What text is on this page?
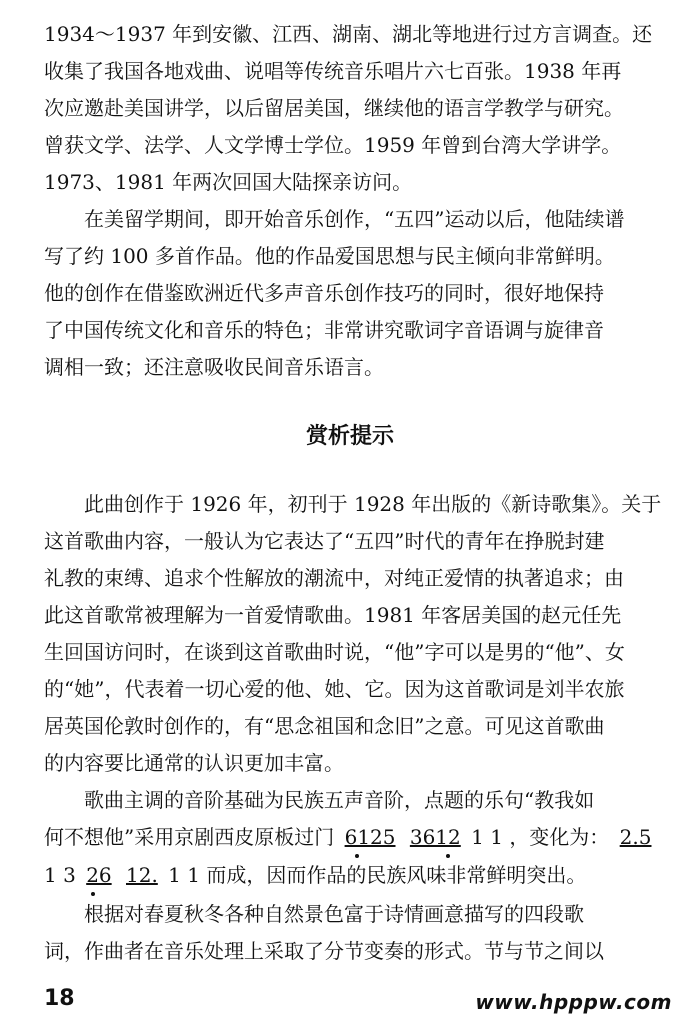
1934～1937 年到安徽、江西、湖南、湖北等地进行过方言调查。还
收集了我国各地戏曲、说唱等传统音乐唱片六七百张。1938 年再
次应邀赴美国讲学，以后留居美国，继续他的语言学教学与研究。
曾获文学、法学、人文学博士学位。1959 年曾到台湾大学讲学。
1973、1981 年两次回国大陆探亲访问。
在美留学期间，即开始音乐创作，“五四”运动以后，他陆续谱
写了约 100 多首作品。他的作品爱国思想与民主倾向非常鲜明。
他的创作在借鉴欧洲近代多声音乐创作技巧的同时，很好地保持
了中国传统文化和音乐的特色；非常讲究歌词字音语调与旋律音
调相一致；还注意吸收民间音乐语言。
赏析提示
此曲创作于 1926 年，初刊于 1928 年出版的《新诗歌集》。关于
这首歌曲内容，一般认为它表达了“五四”时代的青年在挣脱封建
礼教的束缚、追求个性解放的潮流中，对纯正爱情的执著追求；由
此这首歌常被理解为一首爱情歌曲。1981 年客居美国的赵元任先
生回国访问时，在谈到这首歌曲时说，“他”字可以是男的“他”、女
的“她”，代表着一切心爱的他、她、它。因为这首歌词是刘半农旅
居英国伦敦时创作的，有“思念祖国和念旧”之意。可见这首歌曲
的内容要比通常的认识更加丰富。
歌曲主调的音阶基础为民族五声音阶，点题的乐句“教我如
何不想他”采用京剧西皮原板过门 6125 3612 1 1 ，变化为： 2.5
1 3 26 12. 1 1 而成，因而作品的民族风味非常鲜明突出。
根据对春夏秋冬各种自然景色富于诗情画意描写的四段歌
词，作曲者在音乐处理上采取了分节变奏的形式。节与节之间以
18	www.hpppw.com
